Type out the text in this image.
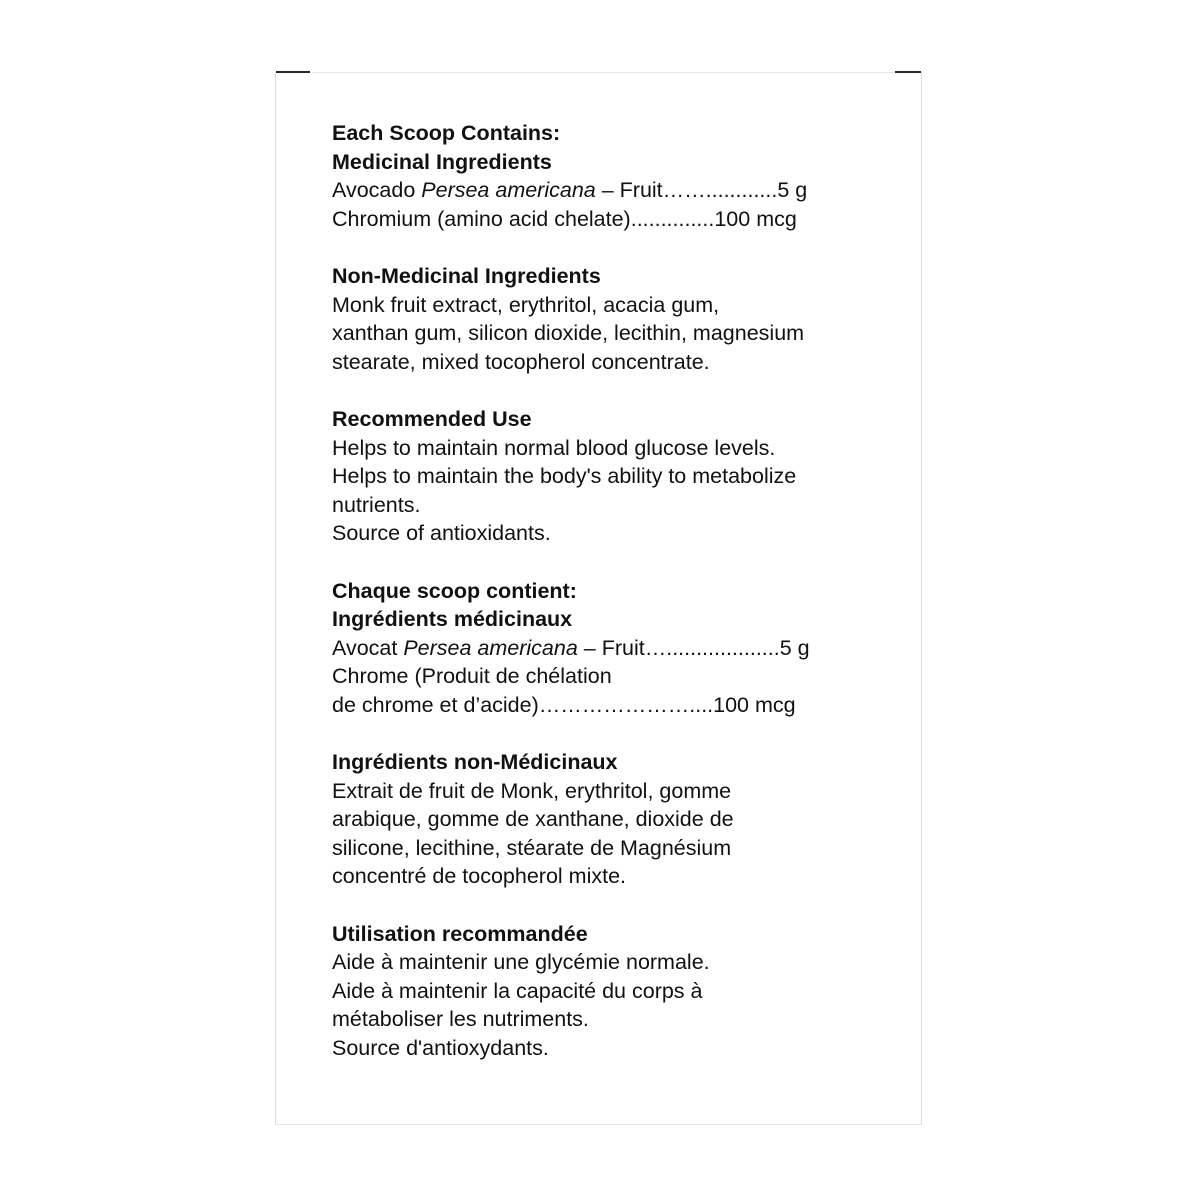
Each Scoop Contains:
Medicinal Ingredients
Avocado Persea americana – Fruit……............5 g
Chromium (amino acid chelate)..............100 mcg
Non-Medicinal Ingredients
Monk fruit extract, erythritol, acacia gum,
xanthan gum, silicon dioxide, lecithin, magnesium
stearate, mixed tocopherol concentrate.
Recommended Use
Helps to maintain normal blood glucose levels.
Helps to maintain the body's ability to metabolize
nutrients.
Source of antioxidants.
Chaque scoop contient:
Ingrédients médicinaux
Avocat Persea americana – Fruit…...................5 g
Chrome (Produit de chélation
de chrome et d’acide)…………………....100 mcg
Ingrédients non-Médicinaux
Extrait de fruit de Monk, erythritol, gomme
arabique, gomme de xanthane, dioxide de
silicone, lecithine, stéarate de Magnésium
concentré de tocopherol mixte.
Utilisation recommandée
Aide à maintenir une glycémie normale.
Aide à maintenir la capacité du corps à
métaboliser les nutriments.
Source d'antioxydants.
